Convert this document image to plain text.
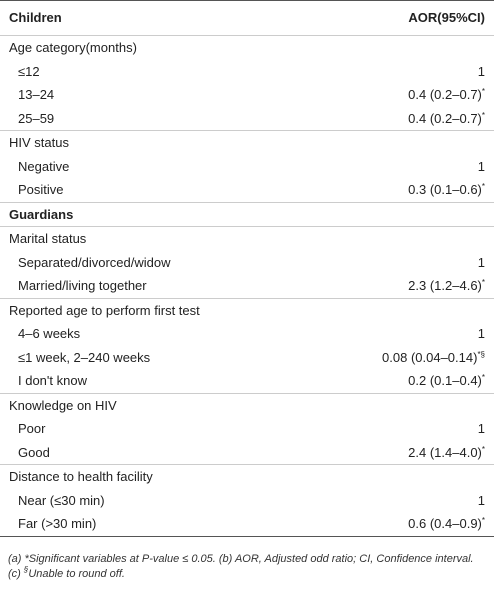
Children	AOR(95%CI)
Age category(months)	
≤12	1
13–24	0.4 (0.2–0.7)*
25–59	0.4 (0.2–0.7)*
HIV status	
Negative	1
Positive	0.3 (0.1–0.6)*
Guardians	
Marital status	
Separated/divorced/widow	1
Married/living together	2.3 (1.2–4.6)*
Reported age to perform first test	
4–6 weeks	1
≤1 week, 2–240 weeks	0.08 (0.04–0.14)*§
I don't know	0.2 (0.1–0.4)*
Knowledge on HIV	
Poor	1
Good	2.4 (1.4–4.0)*
Distance to health facility	
Near (≤30 min)	1
Far (>30 min)	0.6 (0.4–0.9)*
(a) *Significant variables at P-value ≤ 0.05. (b) AOR, Adjusted odd ratio; CI, Confidence interval. (c) §Unable to round off.
